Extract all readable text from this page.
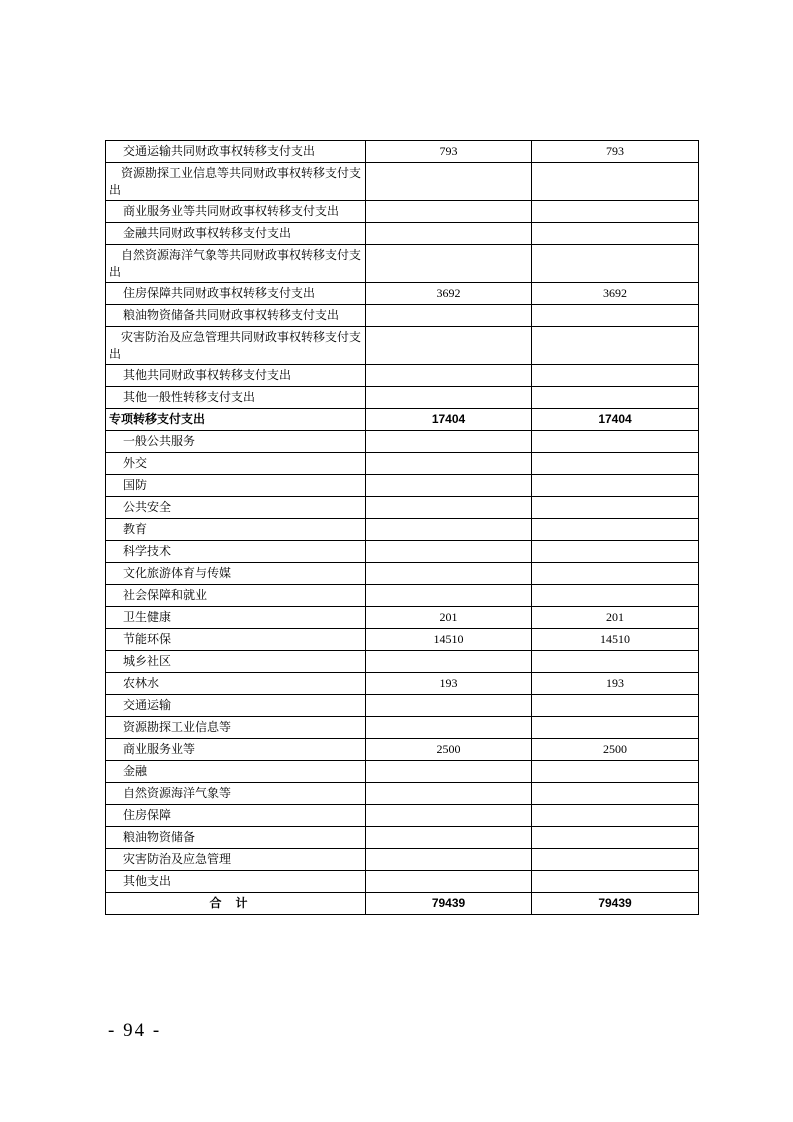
交通运输共同财政事权转移支付支出	793	793
资源勘探工业信息等共同财政事权转移支付支出		
商业服务业等共同财政事权转移支付支出		
金融共同财政事权转移支付支出		
自然资源海洋气象等共同财政事权转移支付支出		
住房保障共同财政事权转移支付支出	3692	3692
粮油物资储备共同财政事权转移支付支出		
灾害防治及应急管理共同财政事权转移支付支出		
其他共同财政事权转移支付支出		
其他一般性转移支付支出		
专项转移支付支出	17404	17404
一般公共服务		
外交		
国防		
公共安全		
教育		
科学技术		
文化旅游体育与传媒		
社会保障和就业		
卫生健康	201	201
节能环保	14510	14510
城乡社区		
农林水	193	193
交通运输		
资源勘探工业信息等		
商业服务业等	2500	2500
金融		
自然资源海洋气象等		
住房保障		
粮油物资储备		
灾害防治及应急管理		
其他支出		
合计	79439	79439
- 94 -
